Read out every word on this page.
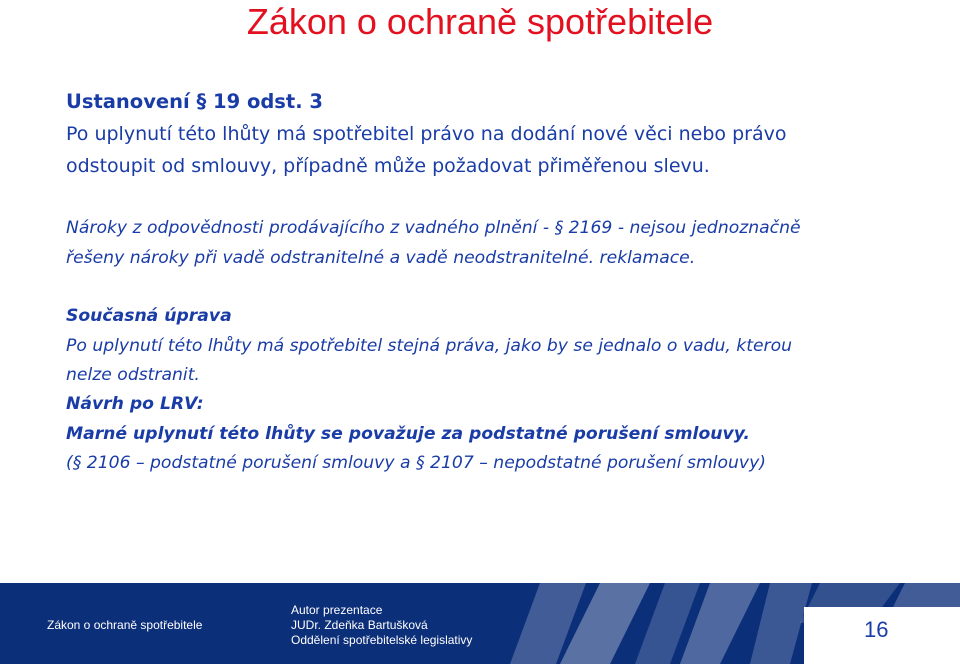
Zákon o ochraně spotřebitele
Ustanovení § 19 odst. 3
Po uplynutí této lhůty má spotřebitel právo na dodání nové věci nebo právo
odstoupit od smlouvy, případně může požadovat přiměřenou slevu.
Nároky z odpovědnosti prodávajícího z vadného plnění - § 2169 - nejsou jednoznačně
řešeny nároky při vadě odstranitelné a vadě neodstranitelné. reklamace.
Současná úprava
Po uplynutí této lhůty má spotřebitel stejná práva, jako by se jednalo o vadu, kterou
nelze odstranit.
Návrh po LRV:
Marné uplynutí této lhůty se považuje za podstatné porušení smlouvy.
(§ 2106 – podstatné porušení smlouvy a § 2107 – nepodstatné porušení smlouvy)
Zákon o ochraně spotřebitele
Autor prezentace
JUDr. Zdeňka Bartušková
Oddělení spotřebitelské legislativy	16
